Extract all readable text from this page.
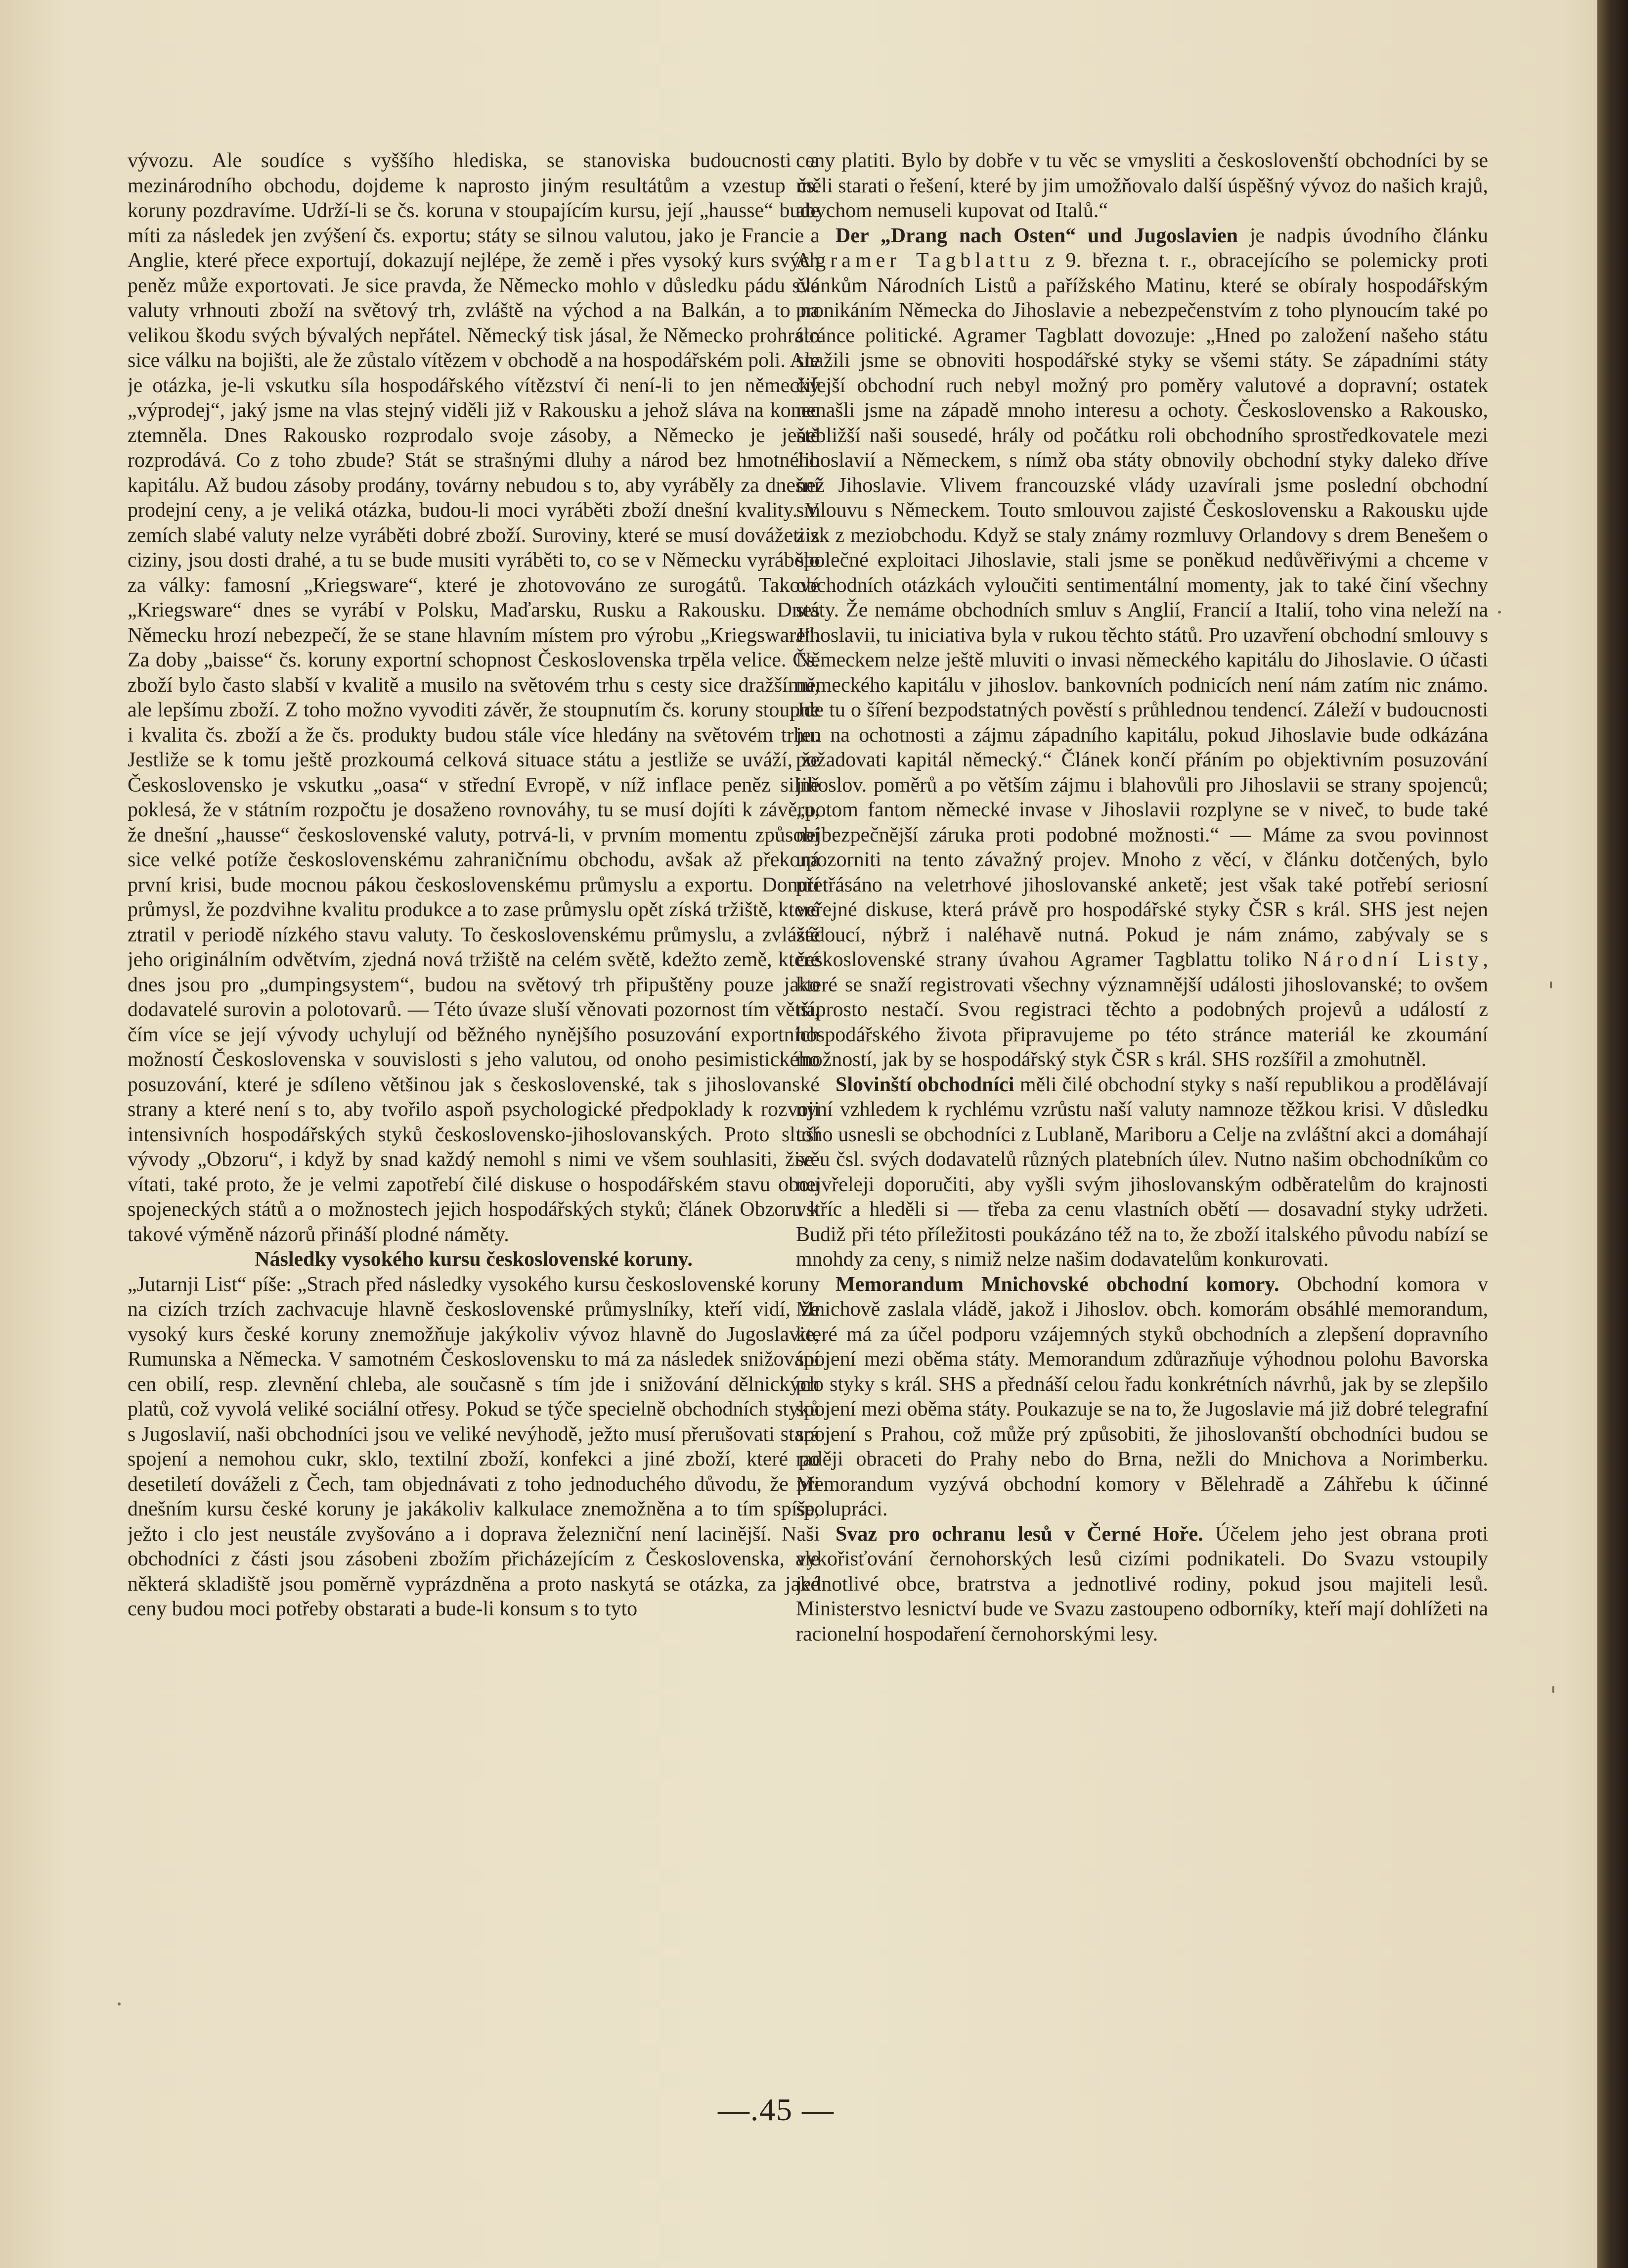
vývozu. Ale soudíce s vyššího hlediska, se stanoviska budoucnosti a mezinárodního obchodu, dojdeme k naprosto jiným resultátům a vzestup čs. koruny pozdravíme. Udrží-li se čs. koruna v stoupajícím kursu, její „hausse“ bude míti za následek jen zvýšení čs. exportu; státy se silnou valutou, jako je Francie a Anglie, které přece exportují, dokazují nejlépe, že země i přes vysoký kurs svých peněz může exportovati. Je sice pravda, že Německo mohlo v důsledku pádu své valuty vrhnouti zboží na světový trh, zvláště na východ a na Balkán, a to na velikou škodu svých bývalých nepřátel. Německý tisk jásal, že Německo prohrálo sice válku na bojišti, ale že zůstalo vítězem v obchodě a na hospodářském poli. Ale je otázka, je-li vskutku síla hospodářského vítězství či není-li to jen německý „výprodej“, jaký jsme na vlas stejný viděli již v Rakousku a jehož sláva na konec ztemněla. Dnes Rakousko rozprodalo svoje zásoby, a Německo je ještě rozprodává. Co z toho zbude? Stát se strašnými dluhy a národ bez hmotného kapitálu. Až budou zásoby prodány, továrny nebudou s to, aby vyráběly za dnešní prodejní ceny, a je veliká otázka, budou-li moci vyráběti zboží dnešní kvality. V zemích slabé valuty nelze vyráběti dobré zboží. Suroviny, které se musí dovážeti z ciziny, jsou dosti drahé, a tu se bude musiti vyráběti to, co se v Německu vyrábělo za války: famosní „Kriegsware“, které je zhotovováno ze surogátů. Takové „Kriegsware“ dnes se vyrábí v Polsku, Maďarsku, Rusku a Rakousku. Dnes Německu hrozí nebezpečí, že se stane hlavním místem pro výrobu „Kriegsware“. Za doby „baisse“ čs. koruny exportní schopnost Československa trpěla velice. Čs. zboží bylo často slabší v kvalitě a musilo na světovém trhu s cesty sice dražšímu, ale lepšímu zboží. Z toho možno vyvoditi závěr, že stoupnutím čs. koruny stoupne i kvalita čs. zboží a že čs. produkty budou stále více hledány na světovém trhu. Jestliže se k tomu ještě prozkoumá celková situace státu a jestliže se uváží, že Československo je vskutku „oasa“ v střední Evropě, v níž inflace peněz silně poklesá, že v státním rozpočtu je dosaženo rovnováhy, tu se musí dojíti k závěru, že dnešní „hausse“ československé valuty, potrvá-li, v prvním momentu způsobí sice velké potíže československému zahraničnímu obchodu, avšak až překoná první krisi, bude mocnou pákou československému průmyslu a exportu. Donutí průmysl, že pozdvihne kvalitu produkce a to zase průmyslu opět získá tržiště, které ztratil v periodě nízkého stavu valuty. To československému průmyslu, a zvláště jeho originálním odvětvím, zjedná nová tržiště na celém světě, kdežto země, které dnes jsou pro „dumpingsystem“, budou na světový trh připuštěny pouze jako dodavatelé surovin a polotovarů. — Této úvaze sluší věnovati pozornost tím větší, čím více se její vývody uchylují od běžného nynějšího posuzování exportních možností Československa v souvislosti s jeho valutou, od onoho pesimistického posuzování, které je sdíleno většinou jak s československé, tak s jihoslovanské strany a které není s to, aby tvořilo aspoň psychologické předpoklady k rozvoji intensivních hospodářských styků československo-jihoslovanských. Proto sluší vývody „Obzoru“, i když by snad každý nemohl s nimi ve všem souhlasiti, živě vítati, také proto, že je velmi zapotřebí čilé diskuse o hospodářském stavu obou spojeneckých států a o možnostech jejich hospodářských styků; článek Obzoru k takové výměně názorů přináší plodné náměty.

Následky vysokého kursu československé koruny.

„Jutarnji List“ píše: „Strach před následky vysokého kursu československé koruny na cizích trzích zachvacuje hlavně československé průmyslníky, kteří vidí, že vysoký kurs české koruny znemožňuje jakýkoliv vývoz hlavně do Jugoslavie, Rumunska a Německa. V samotném Československu to má za následek snižování cen obilí, resp. zlevnění chleba, ale současně s tím jde i snižování dělnických platů, což vyvolá veliké sociální otřesy. Pokud se týče specielně obchodních styků s Jugoslavií, naši obchodníci jsou ve veliké nevýhodě, ježto musí přerušovati stará spojení a nemohou cukr, sklo, textilní zboží, konfekci a jiné zboží, které po desetiletí dováželi z Čech, tam objednávati z toho jednoduchého důvodu, že při dnešním kursu české koruny je jakákoliv kalkulace znemožněna a to tím spíše, ježto i clo jest neustále zvyšováno a i doprava železniční není lacinější. Naši obchodníci z části jsou zásobeni zbožím přicházejícím z Československa, ale některá skladiště jsou poměrně vyprázdněna a proto naskytá se otázka, za jaké ceny budou moci potřeby obstarati a bude-li konsum s to tyto

ceny platiti. Bylo by dobře v tu věc se vmysliti a českoslovenští obchodníci by se měli starati o řešení, které by jim umožňovalo další úspěšný vývoz do našich krajů, abychom nemuseli kupovat od Italů.“

Der „Drang nach Osten“ und Jugoslavien je nadpis úvodního článku Agramer Tagblattu z 9. března t. r., obracejícího se polemicky proti článkům Národních Listů a pařížského Matinu, které se obíraly hospodářským pronikáním Německa do Jihoslavie a nebezpečenstvím z toho plynoucím také po stránce politické. Agramer Tagblatt dovozuje: „Hned po založení našeho státu snažili jsme se obnoviti hospodářské styky se všemi státy. Se západními státy čilejší obchodní ruch nebyl možný pro poměry valutové a dopravní; ostatek nenašli jsme na západě mnoho interesu a ochoty. Československo a Rakousko, nebližší naši sousedé, hrály od počátku roli obchodního sprostředkovatele mezi Jihoslavií a Německem, s nímž oba státy obnovily obchodní styky daleko dříve než Jihoslavie. Vlivem francouzské vlády uzavírali jsme poslední obchodní smlouvu s Německem. Touto smlouvou zajisté Československu a Rakousku ujde zisk z meziobchodu. Když se staly známy rozmluvy Orlandovy s drem Benešem o společné exploitaci Jihoslavie, stali jsme se poněkud nedůvěřivými a chceme v obchodních otázkách vyloučiti sentimentální momenty, jak to také činí všechny státy. Že nemáme obchodních smluv s Anglií, Francií a Italií, toho vina neleží na Jihoslavii, tu iniciativa byla v rukou těchto států. Pro uzavření obchodní smlouvy s Německem nelze ještě mluviti o invasi německého kapitálu do Jihoslavie. O účasti německého kapitálu v jihoslov. bankovních podnicích není nám zatím nic známo. Jde tu o šíření bezpodstatných pověstí s průhlednou tendencí. Záleží v budoucnosti jen na ochotnosti a zájmu západního kapitálu, pokud Jihoslavie bude odkázána požadovati kapitál německý.“ Článek končí přáním po objektivním posuzování jihoslov. poměrů a po větším zájmu i blahovůli pro Jihoslavii se strany spojenců; „potom fantom německé invase v Jihoslavii rozplyne se v niveč, to bude také nejbezpečnější záruka proti podobné možnosti.“ — Máme za svou povinnost upozorniti na tento závažný projev. Mnoho z věcí, v článku dotčených, bylo přetřásáno na veletrhové jihoslovanské anketě; jest však také potřebí seriosní veřejné diskuse, která právě pro hospodářské styky ČSR s král. SHS jest nejen žádoucí, nýbrž i naléhavě nutná. Pokud je nám známo, zabývaly se s československé strany úvahou Agramer Tagblattu toliko Národní Listy, které se snaží registrovati všechny významnější události jihoslovanské; to ovšem naprosto nestačí. Svou registraci těchto a podobných projevů a událostí z hospodářského života připravujeme po této stránce materiál ke zkoumání možností, jak by se hospodářský styk ČSR s král. SHS rozšířil a zmohutněl.

Slovinští obchodníci měli čilé obchodní styky s naší republikou a prodělávají nyní vzhledem k rychlému vzrůstu naší valuty namnoze těžkou krisi. V důsledku toho usnesli se obchodníci z Lublaně, Mariboru a Celje na zvláštní akci a domáhají se u čsl. svých dodavatelů různých platebních úlev. Nutno našim obchodníkům co nejvřeleji doporučiti, aby vyšli svým jihoslovanským odběratelům do krajnosti vstříc a hleděli si — třeba za cenu vlastních obětí — dosavadní styky udržeti. Budiž při této příležitosti poukázáno též na to, že zboží italského původu nabízí se mnohdy za ceny, s nimiž nelze našim dodavatelům konkurovati.

Memorandum Mnichovské obchodní komory. Obchodní komora v Mnichově zaslala vládě, jakož i Jihoslov. obch. komorám obsáhlé memorandum, které má za účel podporu vzájemných styků obchodních a zlepšení dopravního spojení mezi oběma státy. Memorandum zdůrazňuje výhodnou polohu Bavorska pro styky s král. SHS a přednáší celou řadu konkrétních návrhů, jak by se zlepšilo spojení mezi oběma státy. Poukazuje se na to, že Jugoslavie má již dobré telegrafní spojení s Prahou, což může prý způsobiti, že jihoslovanští obchodníci budou se raději obraceti do Prahy nebo do Brna, nežli do Mnichova a Norimberku. Memorandum vyzývá obchodní komory v Bělehradě a Záhřebu k účinné spolupráci.

Svaz pro ochranu lesů v Černé Hoře. Účelem jeho jest obrana proti vykořisťování černohorských lesů cizími podnikateli. Do Svazu vstoupily jednotlivé obce, bratrstva a jednotlivé rodiny, pokud jsou majiteli lesů. Ministerstvo lesnictví bude ve Svazu zastoupeno odborníky, kteří mají dohlížeti na racionelní hospodaření černohorskými lesy.

—.45 —
